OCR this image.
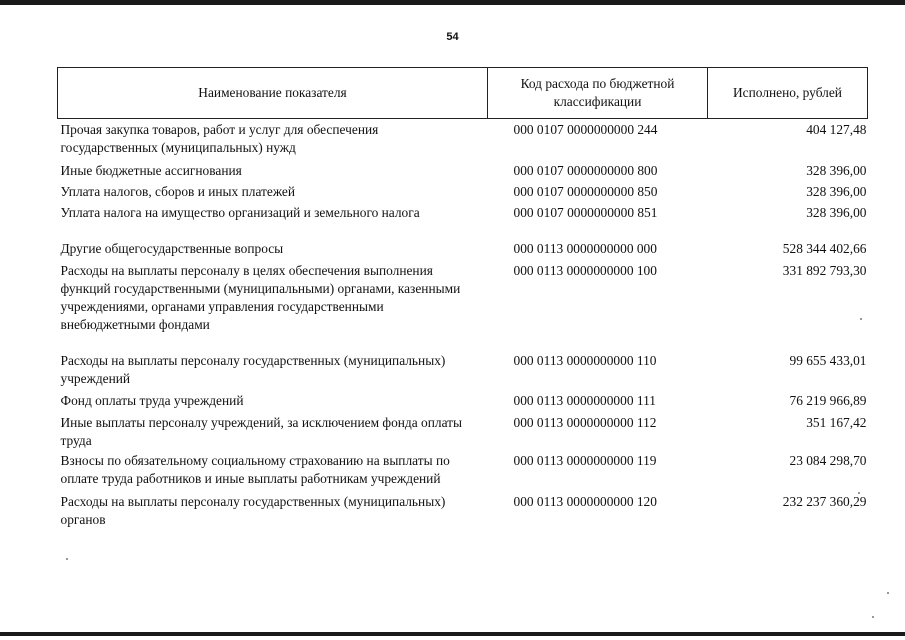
54
Наименование показателя	Код расхода по бюджетной классификации	Исполнено, рублей
Прочая закупка товаров, работ и услуг для обеспечения государственных (муниципальных) нужд	000 0107 0000000000 244	404 127,48
Иные бюджетные ассигнования	000 0107 0000000000 800	328 396,00
Уплата налогов, сборов и иных платежей	000 0107 0000000000 850	328 396,00
Уплата налога на имущество организаций и земельного налога	000 0107 0000000000 851	328 396,00
Другие общегосударственные вопросы	000 0113 0000000000 000	528 344 402,66
Расходы на выплаты персоналу в целях обеспечения выполнения функций государственными (муниципальными) органами, казенными учреждениями, органами управления государственными внебюджетными фондами	000 0113 0000000000 100	331 892 793,30
Расходы на выплаты персоналу государственных (муниципальных) учреждений	000 0113 0000000000 110	99 655 433,01
Фонд оплаты труда учреждений	000 0113 0000000000 111	76 219 966,89
Иные выплаты персоналу учреждений, за исключением фонда оплаты труда	000 0113 0000000000 112	351 167,42
Взносы по обязательному социальному страхованию на выплаты по оплате труда работников и иные выплаты работникам учреждений	000 0113 0000000000 119	23 084 298,70
Расходы на выплаты персоналу государственных (муниципальных) органов	000 0113 0000000000 120	232 237 360,29
